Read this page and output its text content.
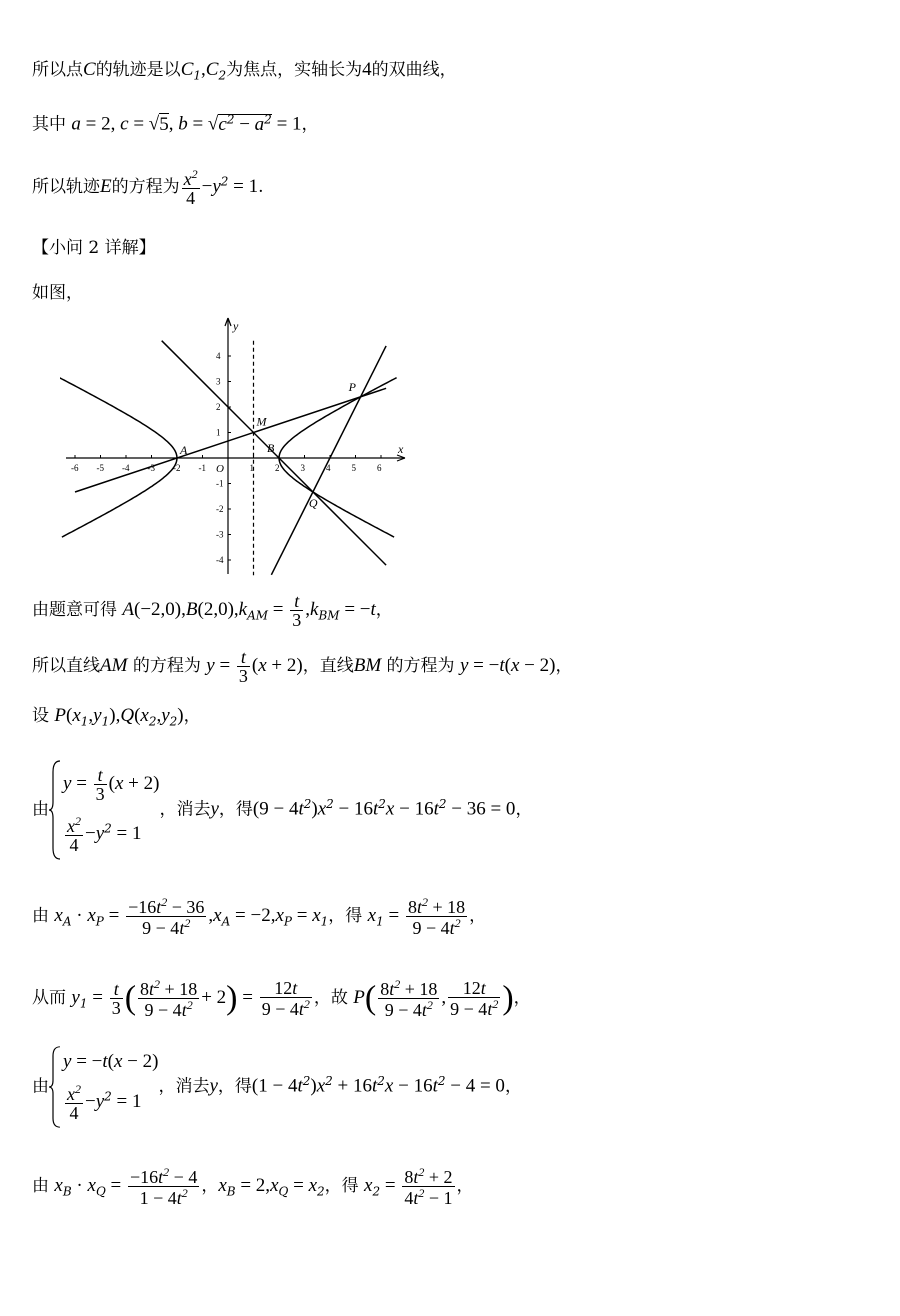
所以点C的轨迹是以$C_1,C_2$为焦点，实轴长为4的双曲线，
其中 a = 2, c = √5, $b = √c^2 - a^2 = 1$，
所以轨迹E的方程为 $\frac{x^2}{4} -y^2 = 1$.
【小问 2 详解】
如图，
-6 -5 -4 -3 -2 -1	1 2 3 4 5 6
4
3
2
1
-1
-2
-3
-4
O
x
y
A	B
M
P
Q
由题意可得 $A(-2,0),B(2,0),k_{AM} = \frac{t}{3} ,k_{BM} = -t$，
所以直线AM 的方程为 $y = \frac{t}{3} (x + 2)$，直线BM 的方程为 y = −t(x − 2)，
设 $P(x_1,y_1),Q(x_2,y_2)$，
由
$y = \frac{t}{3} (x + 2)$
$\frac{x^2}{4} -y^2 = 1$
，消去y，得$(9 - 4t^2)x^2 - 16t^2x - 16t^2 - 36 = 0$，
由 $x_A \cdot x_P = \frac{-16t^2 - 36}{9 - 4t^2} ,x_A = -2,x_P = x_1$，得 $x_1 = \frac{8t^2 + 18}{9 - 4t^2}$ ，
从而 $y_1 = \frac{t}{3}$ ( $\frac{8t^2 + 18}{9 - 4t^2} + 2) = \frac{12t}{9 - 4t^2}$ ，故 $P( \frac{8t^2 + 18}{9 - 4t^2}$ , $\frac{12t}{9 - 4t^2}$ )，
由
y = −t(x − 2)
$\frac{x^2}{4} -y^2 = 1$
，消去y，得$(1 - 4t^2)x^2 + 16t^2x - 16t^2 - 4 = 0$，
由 $x_B \cdot x_Q = \frac{-16t^2 - 4}{1 - 4t^2}$ ，$x_B = 2,x_Q = x_2$，得 $x_2 = \frac{8t^2 + 2}{4t^2 - 1}$ ，
